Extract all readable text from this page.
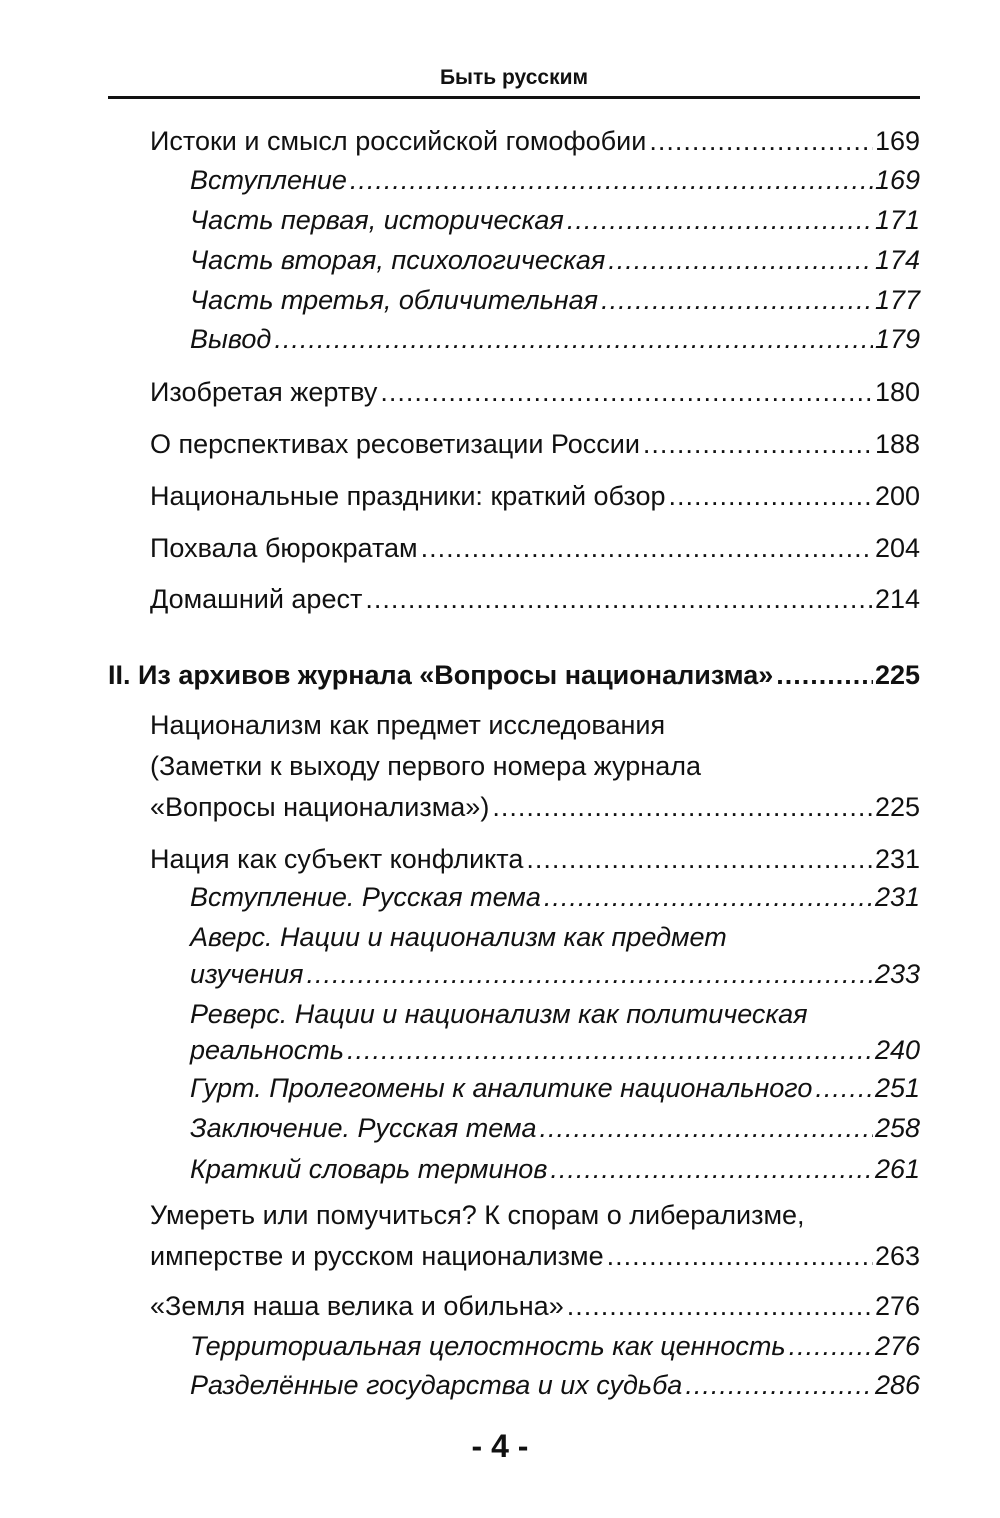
Быть русским
Истоки и смысл российской гомофобии .....	169
Вступление .....	169
Часть первая, историческая .....	171
Часть вторая, психологическая .....	174
Часть третья, обличительная .....	177
Вывод .....	179
Изобретая жертву .....	180
О перспективах ресоветизации России .....	188
Национальные праздники: краткий обзор .....	200
Похвала бюрократам .....	204
Домашний арест .....	214
II. Из архивов журнала «Вопросы национализма» .....	225
Национализм как предмет исследования
(Заметки к выходу первого номера журнала
«Вопросы национализма») .....	225
Нация как субъект конфликта .....	231
Вступление. Русская тема .....	231
Аверс. Нации и национализм как предмет
изучения .....	233
Реверс. Нации и национализм как политическая
реальность .....	240
Гурт. Пролегомены к аналитике национального ..... 251
Заключение. Русская тема .....	258
Краткий словарь терминов .....	261
Умереть или помучиться? К спорам о либерализме,
имперстве и русском национализме .....	263
«Земля наша велика и обильна» .....	276
Территориальная целостность как ценность .....	276
Разделённые государства и их судьба .....	286
- 4 -
